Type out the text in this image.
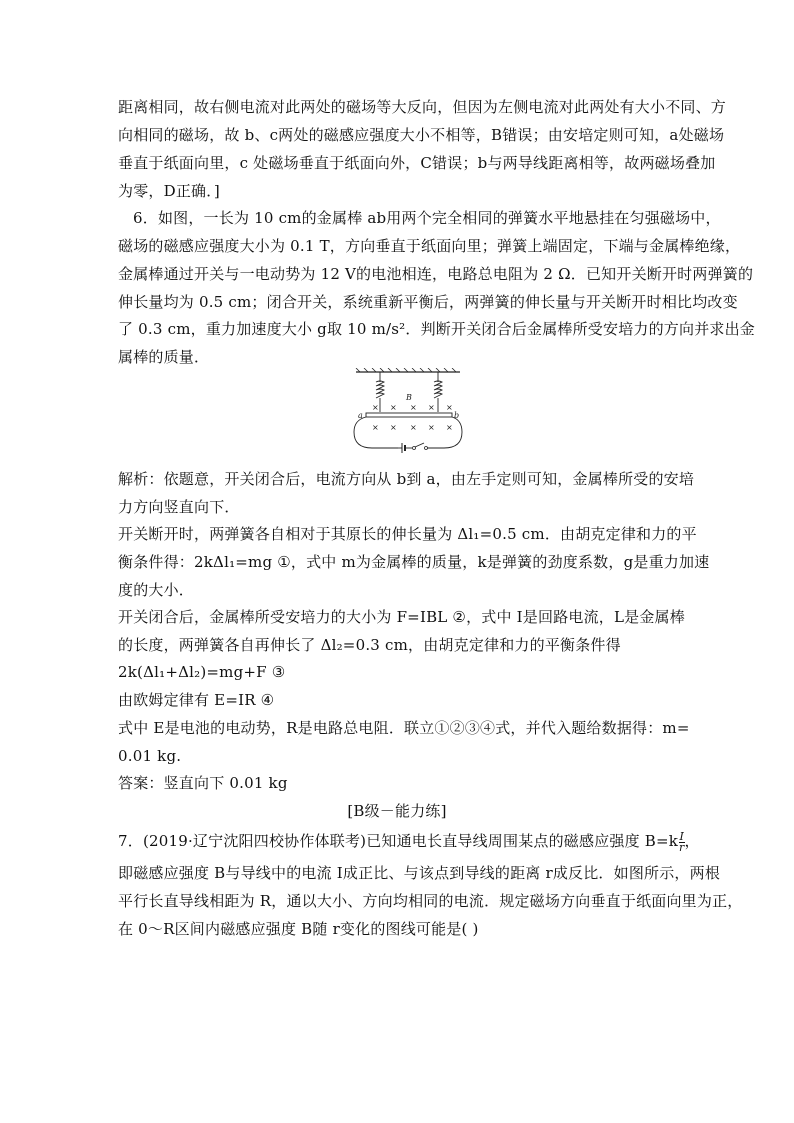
距离相同，故右侧电流对此两处的磁场等大反向，但因为左侧电流对此两处有大小不同、方
向相同的磁场，故 b、c两处的磁感应强度大小不相等，B错误；由安培定则可知，a处磁场
垂直于纸面向里，c 处磁场垂直于纸面向外，C错误；b与两导线距离相等，故两磁场叠加
为零，D正确．]
6．如图，一长为 10 cm的金属棒 ab用两个完全相同的弹簧水平地悬挂在匀强磁场中，
磁场的磁感应强度大小为 0.1 T，方向垂直于纸面向里；弹簧上端固定，下端与金属棒绝缘，
金属棒通过开关与一电动势为 12 V的电池相连，电路总电阻为 2 Ω．已知开关断开时两弹簧的
伸长量均为 0.5 cm；闭合开关，系统重新平衡后，两弹簧的伸长量与开关断开时相比均改变
了 0.3 cm，重力加速度大小 g取 10 m/s²．判断开关闭合后金属棒所受安培力的方向并求出金
属棒的质量．
× × × × ×
× × × × ×
B
a	b
解析：依题意，开关闭合后，电流方向从 b到 a，由左手定则可知，金属棒所受的安培
力方向竖直向下．
开关断开时，两弹簧各自相对于其原长的伸长量为 Δl₁=0.5 cm．由胡克定律和力的平
衡条件得：2kΔl₁=mg ①，式中 m为金属棒的质量，k是弹簧的劲度系数，g是重力加速
度的大小．
开关闭合后，金属棒所受安培力的大小为 F=IBL ②，式中 I是回路电流，L是金属棒
的长度，两弹簧各自再伸长了 Δl₂=0.3 cm，由胡克定律和力的平衡条件得
2k(Δl₁+Δl₂)=mg+F ③
由欧姆定律有 E=IR ④
式中 E是电池的电动势，R是电路总电阻．联立①②③④式，并代入题给数据得：m=
0.01 kg.
答案：竖直向下 0.01 kg
[B级－能力练]
7．(2019·辽宁沈阳四校协作体联考)已知通电长直导线周围某点的磁感应强度 $B=k \frac{I}{r}$ ，
即磁感应强度 B与导线中的电流 I成正比、与该点到导线的距离 r成反比．如图所示，两根
平行长直导线相距为 R，通以大小、方向均相同的电流．规定磁场方向垂直于纸面向里为正，
在 0～R区间内磁感应强度 B随 r变化的图线可能是( )
